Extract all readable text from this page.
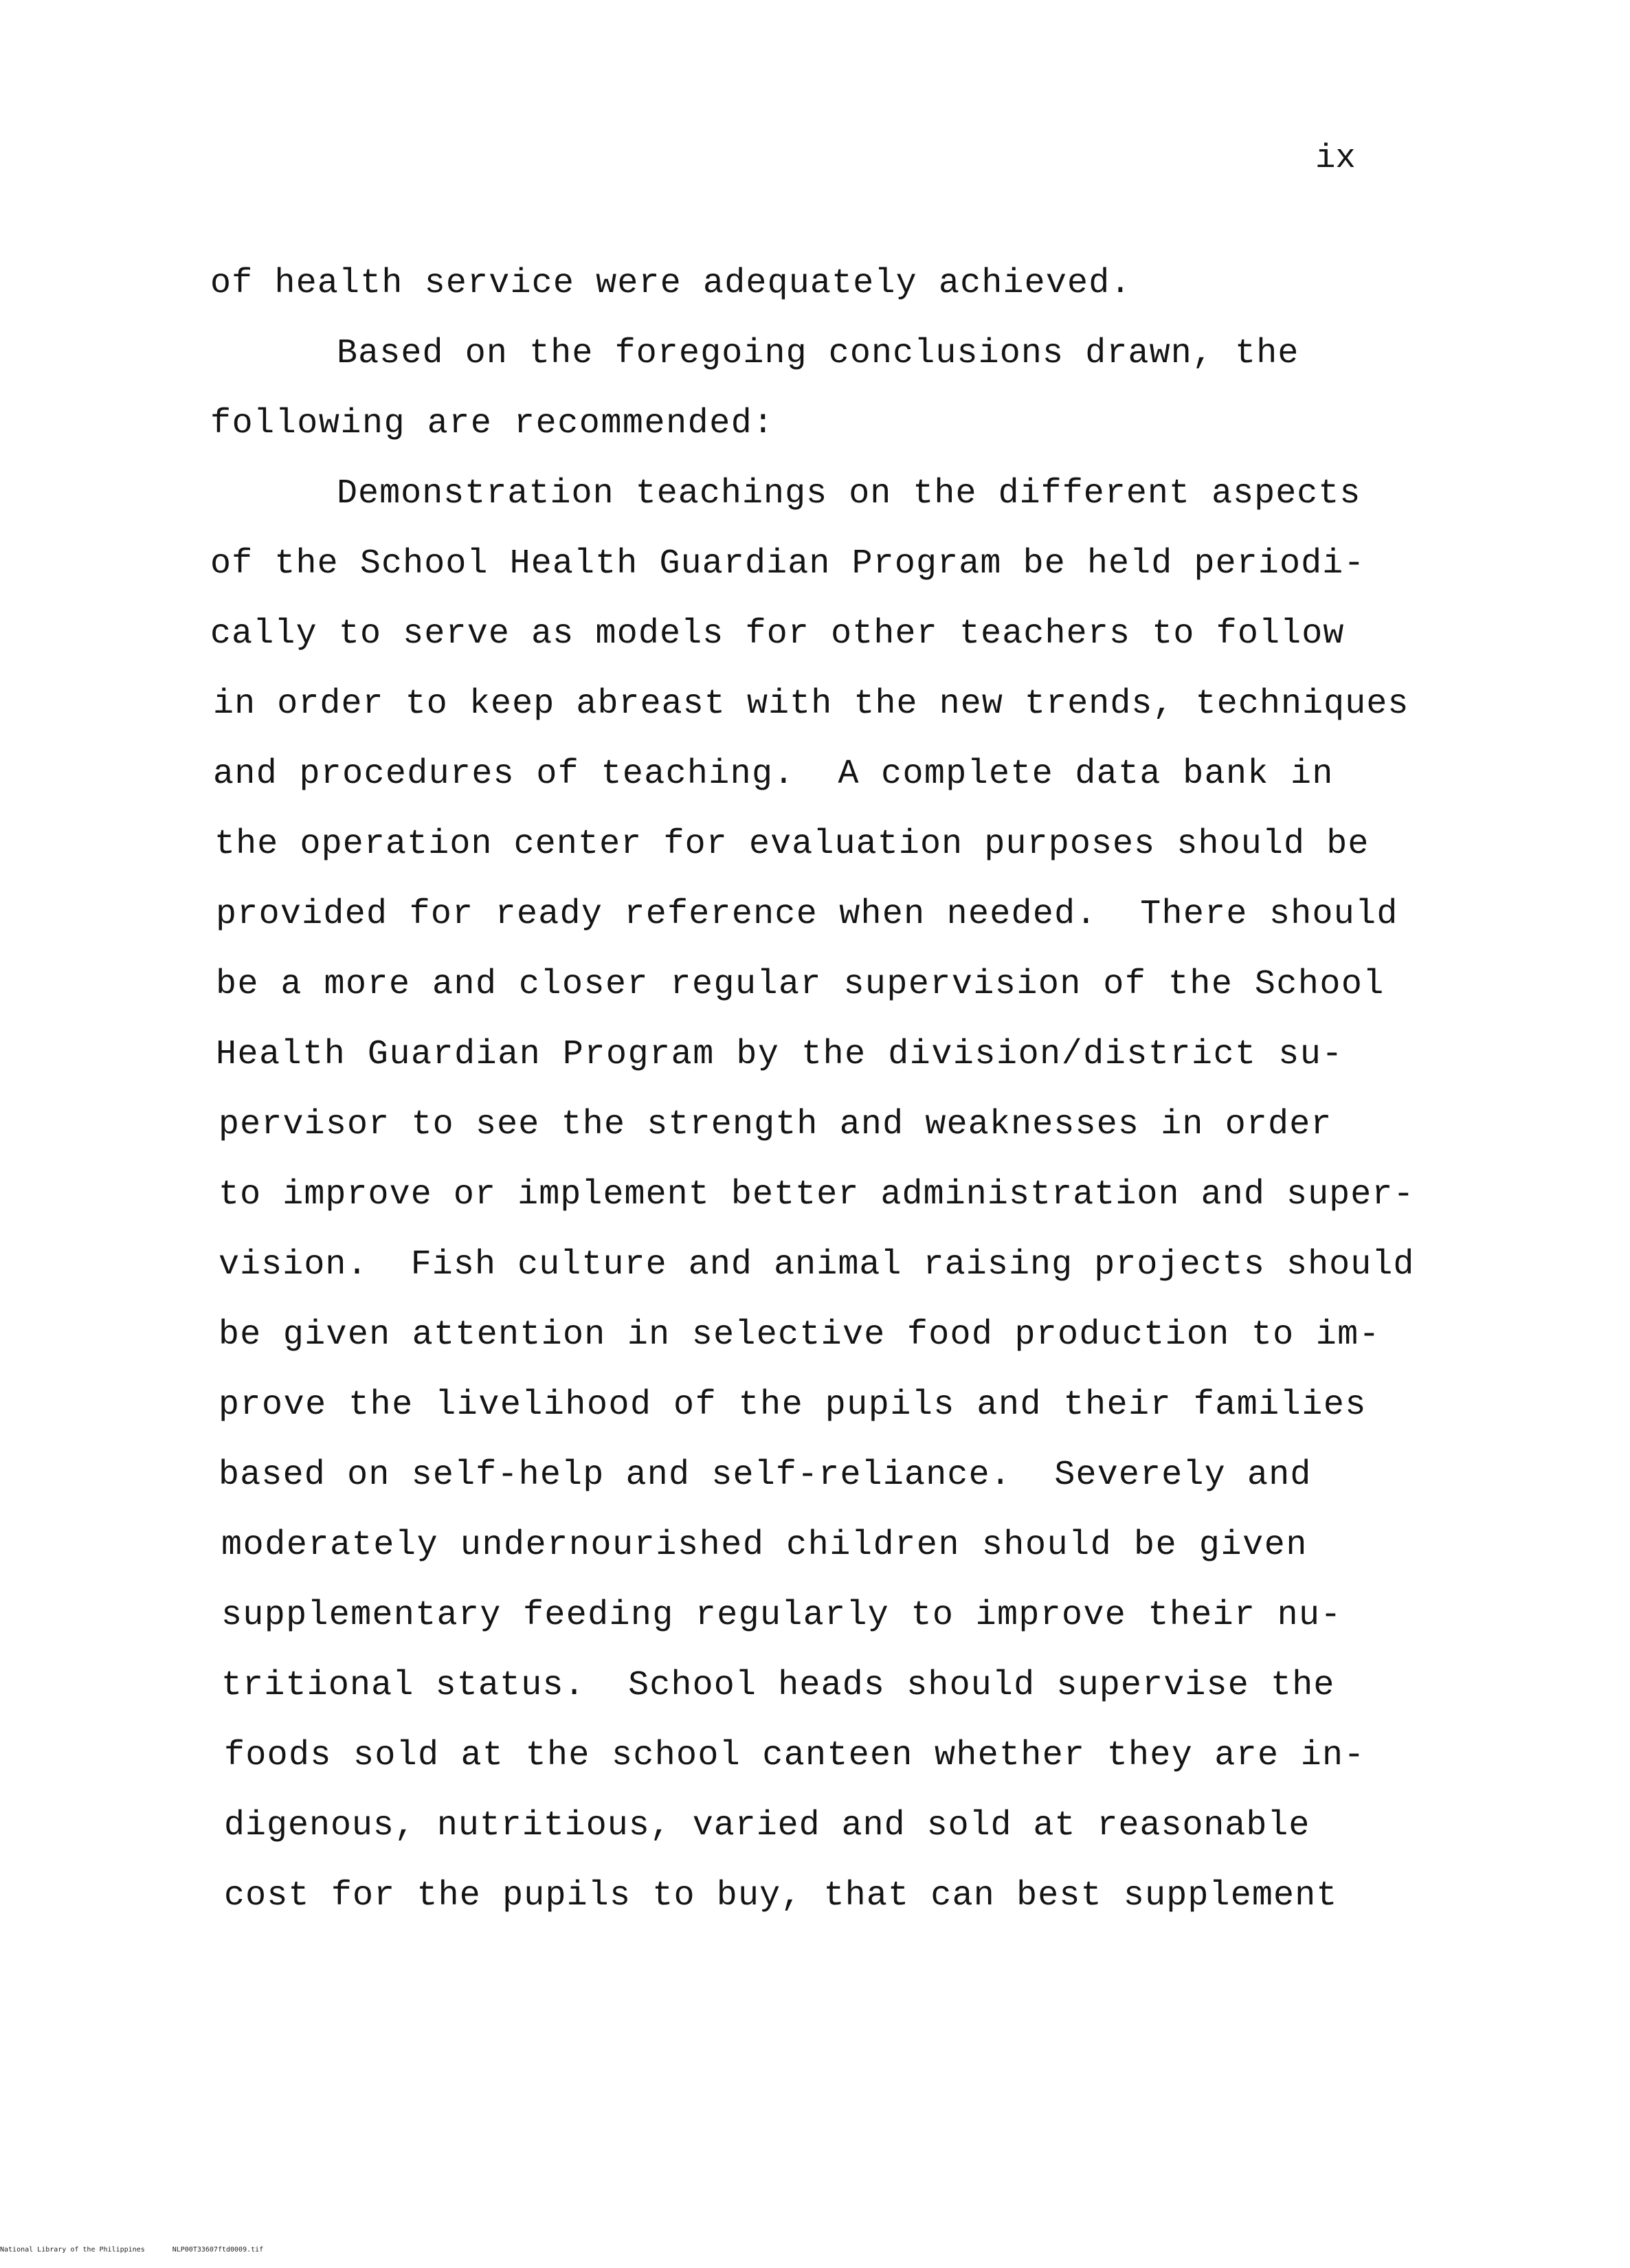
ix
of health service were adequately achieved.
Based on the foregoing conclusions drawn, the
following are recommended:
Demonstration teachings on the different aspects
of the School Health Guardian Program be held periodi-
cally to serve as models for other teachers to follow
in order to keep abreast with the new trends, techniques
and procedures of teaching.  A complete data bank in
the operation center for evaluation purposes should be
provided for ready reference when needed.  There should
be a more and closer regular supervision of the School
Health Guardian Program by the division/district su-
pervisor to see the strength and weaknesses in order
to improve or implement better administration and super-
vision.  Fish culture and animal raising projects should
be given attention in selective food production to im-
prove the livelihood of the pupils and their families
based on self-help and self-reliance.  Severely and
moderately undernourished children should be given
supplementary feeding regularly to improve their nu-
tritional status.  School heads should supervise the
foods sold at the school canteen whether they are in-
digenous, nutritious, varied and sold at reasonable
cost for the pupils to buy, that can best supplement
National Library of the Philippines	NLP00T33607ftd0009.tif
